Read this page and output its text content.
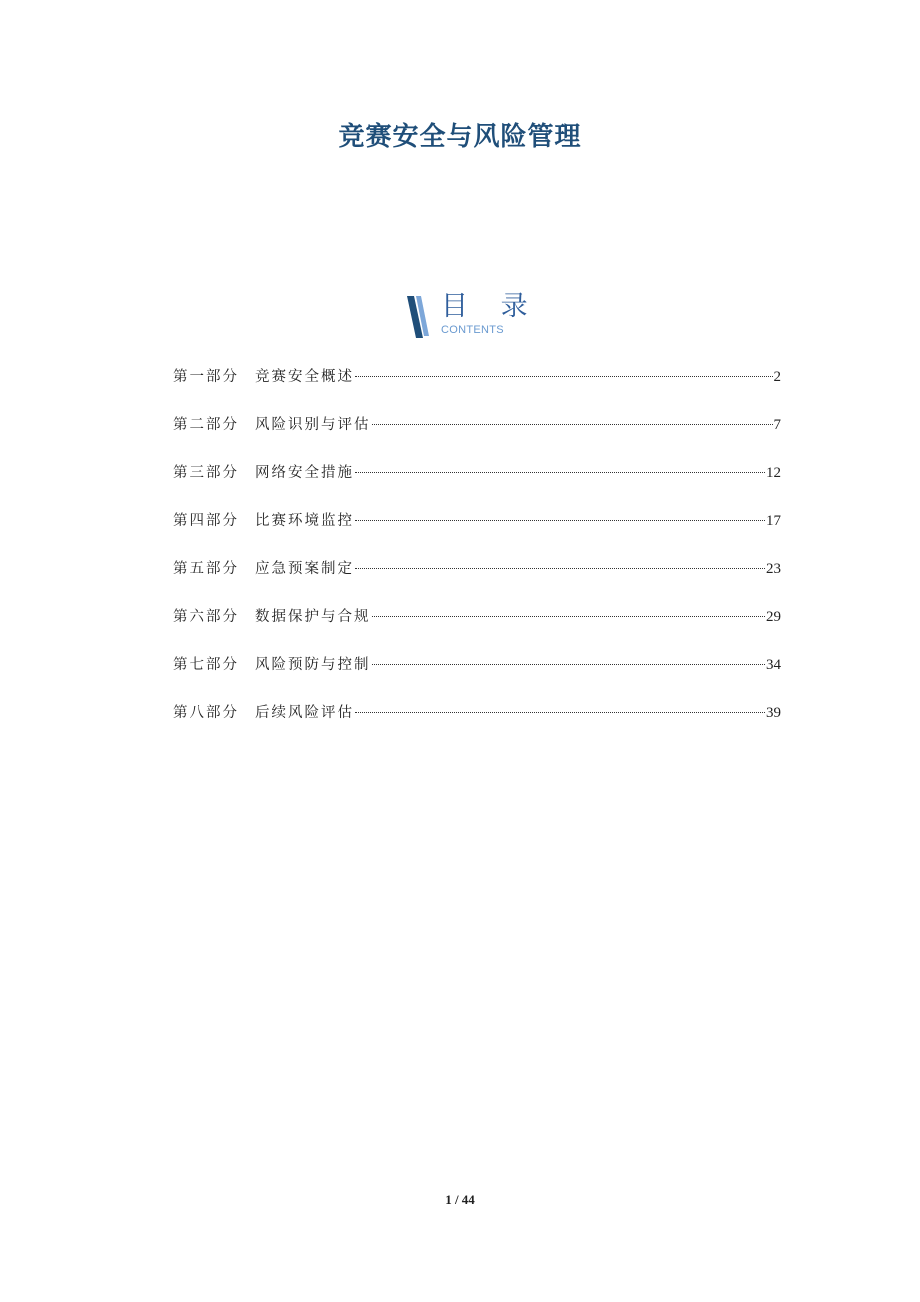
竞赛安全与风险管理
目 录
CONTENTS
第一部分	竞赛安全概述	2
第二部分	风险识别与评估	7
第三部分	网络安全措施	12
第四部分	比赛环境监控	17
第五部分	应急预案制定	23
第六部分	数据保护与合规	29
第七部分	风险预防与控制	34
第八部分	后续风险评估	39
1 / 44
